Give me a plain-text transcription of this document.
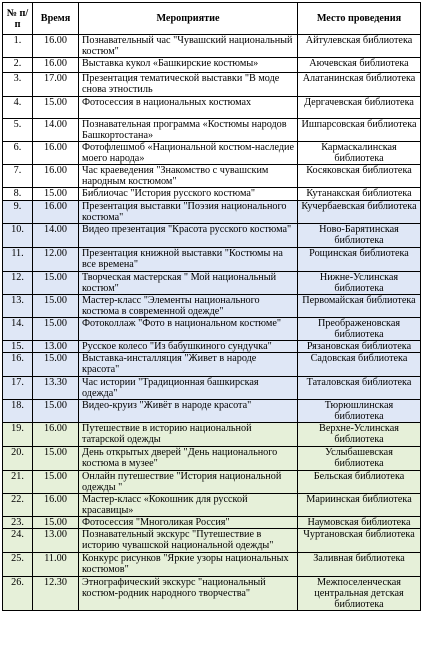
№ п/п	Время	Мероприятие	Место проведения
1.	16.00	Познавательный час "Чувашский национальный костюм"	Айтулевская библиотека
2.	16.00	Выставка кукол «Башкирские костюмы»	Аючевская библиотека
3.	17.00	Презентация тематической выставки "В моде снова этностиль	Алатанинская библиотека
4.	15.00	Фотосессия в национальных костюмах	Дергачевская библиотека
5.	14.00	Познавательная программа «Костюмы народов Башкортостана»	Ишпарсовская библиотека
6.	16.00	Фотофлешмоб «Национальной костюм-наследие моего народа»	Кармаскалинская библиотека
7.	16.00	Час краеведения "Знакомство с чувашским народным костюмом"	Косяковская библиотека
8.	15.00	Библиочас "История русского костюма"	Кутанакская библиотека
9.	16.00	Презентация выставки "Поэзия национального костюма"	Кучербаевская библиотека
10.	14.00	Видео презентация "Красота русского костюма"	Ново-Барятинская библиотека
11.	12.00	Презентация книжной выставки "Костюмы на все времена"	Рощинская библиотека
12.	15.00	Творческая мастерская " Мой национальный костюм"	Нижне-Услинская библиотека
13.	15.00	Мастер-класс "Элементы национального костюма в современной одежде"	Первомайская библиотека
14.	15.00	Фотоколлаж "Фото в национальном костюме"	Преображеновская библиотека
15.	13.00	Русское колесо "Из бабушкиного сундучка"	Рязановская библиотека
16.	15.00	Выставка-инсталляция "Живет в народе красота"	Садовская библиотека
17.	13.30	Час истории "Традиционная башкирская одежда"	Таталовская библиотека
18.	15.00	Видео-круиз "Живёт в народе красота"	Тюрюшлинская библиотека
19.	16.00	Путешествие в историю национальной татарской одежды	Верхне-Услинская библиотека
20.	15.00	День открытых дверей "День национального костюма в музее"	Услыбашевская библиотека
21.	15.00	Онлайн путешествие "История национальной одежды "	Бельская библиотека
22.	16.00	Мастер-класс «Кокошник для русской красавицы»	Мариинская библиотека
23.	15.00	Фотосессия "Многоликая Россия"	Наумовская библиотека
24.	13.00	Познавательный экскурс "Путешествие в историю чувашской национальной одежды"	Чуртановская библиотека
25.	11.00	Конкурс рисунков "Яркие узоры национальных костюмов"	Заливная библиотека
26.	12.30	Этнографический экскурс "национальный костюм-родник народного творчества"	Межпоселенческая центральная детская библиотека
